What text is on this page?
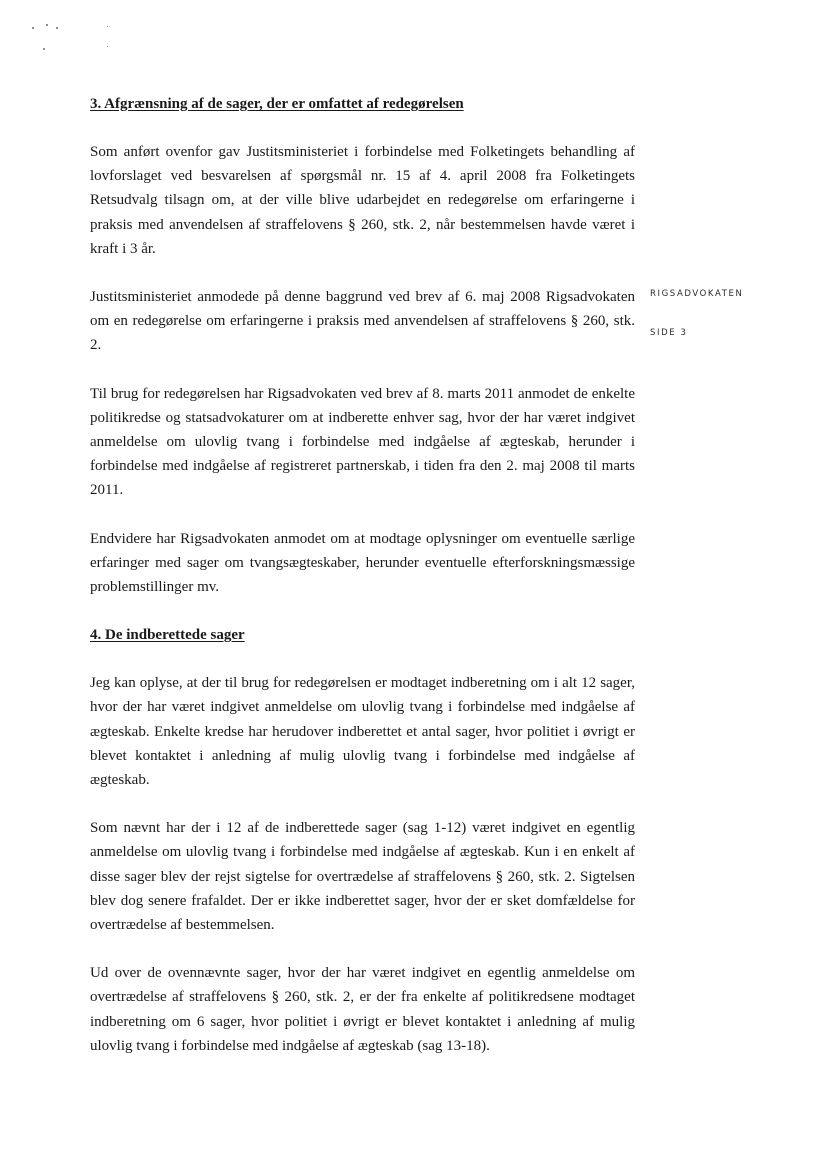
RIGSADVOKATEN
SIDE 3
3. Afgrænsning af de sager, der er omfattet af redegørelsen

Som anført ovenfor gav Justitsministeriet i forbindelse med Folketingets behandling af lovforslaget ved besvarelsen af spørgsmål nr. 15 af 4. april 2008 fra Folketingets Retsudvalg tilsagn om, at der ville blive udarbejdet en redegørelse om erfaringerne i praksis med anvendelsen af straffelovens § 260, stk. 2, når bestemmelsen havde været i kraft i 3 år.

Justitsministeriet anmodede på denne baggrund ved brev af 6. maj 2008 Rigsadvokaten om en redegørelse om erfaringerne i praksis med anvendelsen af straffelovens § 260, stk. 2.

Til brug for redegørelsen har Rigsadvokaten ved brev af 8. marts 2011 anmodet de enkelte politikredse og statsadvokaturer om at indberette enhver sag, hvor der har været indgivet anmeldelse om ulovlig tvang i forbindelse med indgåelse af ægteskab, herunder i forbindelse med indgåelse af registreret partnerskab, i tiden fra den 2. maj 2008 til marts 2011.

Endvidere har Rigsadvokaten anmodet om at modtage oplysninger om eventuelle særlige erfaringer med sager om tvangsægteskaber, herunder eventuelle efterforskningsmæssige problemstillinger mv.

4. De indberettede sager

Jeg kan oplyse, at der til brug for redegørelsen er modtaget indberetning om i alt 12 sager, hvor der har været indgivet anmeldelse om ulovlig tvang i forbindelse med indgåelse af ægteskab. Enkelte kredse har herudover indberettet et antal sager, hvor politiet i øvrigt er blevet kontaktet i anledning af mulig ulovlig tvang i forbindelse med indgåelse af ægteskab.

Som nævnt har der i 12 af de indberettede sager (sag 1-12) været indgivet en egentlig anmeldelse om ulovlig tvang i forbindelse med indgåelse af ægteskab. Kun i en enkelt af disse sager blev der rejst sigtelse for overtrædelse af straffelovens § 260, stk. 2. Sigtelsen blev dog senere frafaldet. Der er ikke indberettet sager, hvor der er sket domfældelse for overtrædelse af bestemmelsen.

Ud over de ovennævnte sager, hvor der har været indgivet en egentlig anmeldelse om overtrædelse af straffelovens § 260, stk. 2, er der fra enkelte af politikredsene modtaget indberetning om 6 sager, hvor politiet i øvrigt er blevet kontaktet i anledning af mulig ulovlig tvang i forbindelse med indgåelse af ægteskab (sag 13-18).
